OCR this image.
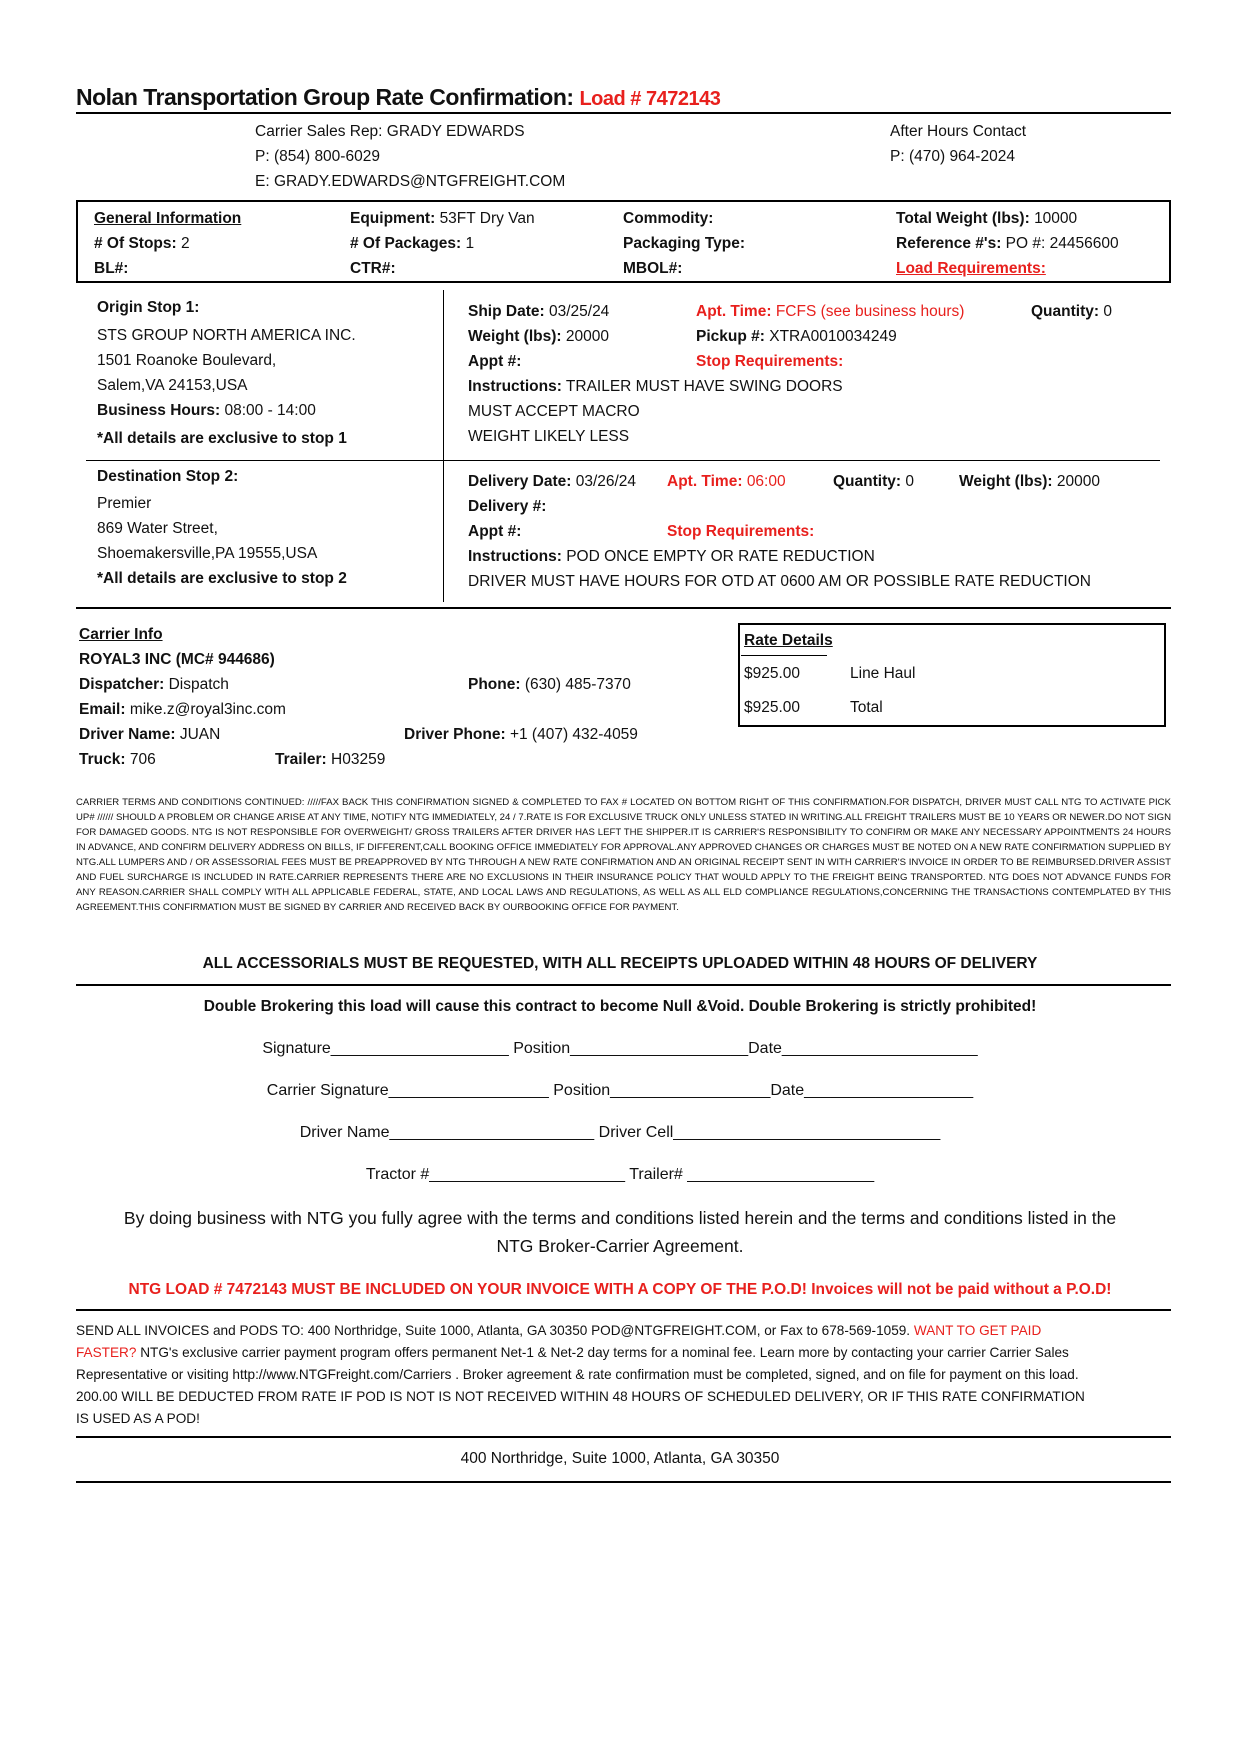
Nolan Transportation Group Rate Confirmation: Load # 7472143
Carrier Sales Rep: GRADY EDWARDS
P: (854) 800-6029
E: GRADY.EDWARDS@NTGFREIGHT.COM
After Hours Contact
P: (470) 964-2024
General Information	Equipment: 53FT Dry Van	Commodity:	Total Weight (lbs): 10000
# Of Stops: 2	# Of Packages: 1	Packaging Type:	Reference #'s: PO #: 24456600
BL#:	CTR#:	MBOL#:	Load Requirements:
Origin Stop 1:
STS GROUP NORTH AMERICA INC.
1501 Roanoke Boulevard,
Salem,VA 24153,USA
Business Hours: 08:00 - 14:00
*All details are exclusive to stop 1
Ship Date: 03/25/24	Apt. Time: FCFS (see business hours)	Quantity: 0
Weight (lbs): 20000	Pickup #: XTRA0010034249
Appt #:	Stop Requirements:
Instructions: TRAILER MUST HAVE SWING DOORS
MUST ACCEPT MACRO
WEIGHT LIKELY LESS
Destination Stop 2:
Premier
869 Water Street,
Shoemakersville,PA 19555,USA
*All details are exclusive to stop 2
Delivery Date: 03/26/24 Apt. Time: 06:00	Quantity: 0	Weight (lbs): 20000
Delivery #:
Appt #:	Stop Requirements:
Instructions: POD ONCE EMPTY OR RATE REDUCTION
DRIVER MUST HAVE HOURS FOR OTD AT 0600 AM OR POSSIBLE RATE REDUCTION
Carrier Info
ROYAL3 INC (MC# 944686)
Dispatcher: Dispatch	Phone: (630) 485-7370
Email: mike.z@royal3inc.com
Driver Name: JUAN	Driver Phone: +1 (407) 432-4059
Truck: 706	Trailer: H03259
Rate Details
$925.00	Line Haul
$925.00	Total
CARRIER TERMS AND CONDITIONS CONTINUED: /////FAX BACK THIS CONFIRMATION SIGNED & COMPLETED TO FAX # LOCATED ON BOTTOM RIGHT OF THIS CONFIRMATION.FOR DISPATCH, DRIVER MUST CALL NTG TO ACTIVATE PICK UP# ////// SHOULD A PROBLEM OR CHANGE ARISE AT ANY TIME, NOTIFY NTG IMMEDIATELY, 24 / 7.RATE IS FOR EXCLUSIVE TRUCK ONLY UNLESS STATED IN WRITING.ALL FREIGHT TRAILERS MUST BE 10 YEARS OR NEWER.DO NOT SIGN FOR DAMAGED GOODS. NTG IS NOT RESPONSIBLE FOR OVERWEIGHT/ GROSS TRAILERS AFTER DRIVER HAS LEFT THE SHIPPER.IT IS CARRIER'S RESPONSIBILITY TO CONFIRM OR MAKE ANY NECESSARY APPOINTMENTS 24 HOURS IN ADVANCE, AND CONFIRM DELIVERY ADDRESS ON BILLS, IF DIFFERENT,CALL BOOKING OFFICE IMMEDIATELY FOR APPROVAL.ANY APPROVED CHANGES OR CHARGES MUST BE NOTED ON A NEW RATE CONFIRMATION SUPPLIED BY NTG.ALL LUMPERS AND / OR ASSESSORIAL FEES MUST BE PREAPPROVED BY NTG THROUGH A NEW RATE CONFIRMATION AND AN ORIGINAL RECEIPT SENT IN WITH CARRIER'S INVOICE IN ORDER TO BE REIMBURSED.DRIVER ASSIST AND FUEL SURCHARGE IS INCLUDED IN RATE.CARRIER REPRESENTS THERE ARE NO EXCLUSIONS IN THEIR INSURANCE POLICY THAT WOULD APPLY TO THE FREIGHT BEING TRANSPORTED. NTG DOES NOT ADVANCE FUNDS FOR ANY REASON.CARRIER SHALL COMPLY WITH ALL APPLICABLE FEDERAL, STATE, AND LOCAL LAWS AND REGULATIONS, AS WELL AS ALL ELD COMPLIANCE REGULATIONS,CONCERNING THE TRANSACTIONS CONTEMPLATED BY THIS AGREEMENT.THIS CONFIRMATION MUST BE SIGNED BY CARRIER AND RECEIVED BACK BY OURBOOKING OFFICE FOR PAYMENT.
ALL ACCESSORIALS MUST BE REQUESTED, WITH ALL RECEIPTS UPLOADED WITHIN 48 HOURS OF DELIVERY
Double Brokering this load will cause this contract to become Null &Void. Double Brokering is strictly prohibited!
Signature____________________ Position____________________Date______________________
Carrier Signature__________________ Position__________________Date___________________
Driver Name_______________________ Driver Cell______________________________
Tractor #______________________ Trailer# _____________________
By doing business with NTG you fully agree with the terms and conditions listed herein and the terms and conditions listed in the
NTG Broker-Carrier Agreement.
NTG LOAD # 7472143 MUST BE INCLUDED ON YOUR INVOICE WITH A COPY OF THE P.O.D! Invoices will not be paid without a P.O.D!
SEND ALL INVOICES and PODS TO: 400 Northridge, Suite 1000, Atlanta, GA 30350 POD@NTGFREIGHT.COM, or Fax to 678-569-1059. WANT TO GET PAID
FASTER? NTG's exclusive carrier payment program offers permanent Net-1 & Net-2 day terms for a nominal fee. Learn more by contacting your carrier Carrier Sales
Representative or visiting http://www.NTGFreight.com/Carriers . Broker agreement & rate confirmation must be completed, signed, and on file for payment on this load.
200.00 WILL BE DEDUCTED FROM RATE IF POD IS NOT IS NOT RECEIVED WITHIN 48 HOURS OF SCHEDULED DELIVERY, OR IF THIS RATE CONFIRMATION
IS USED AS A POD!
400 Northridge, Suite 1000, Atlanta, GA 30350
